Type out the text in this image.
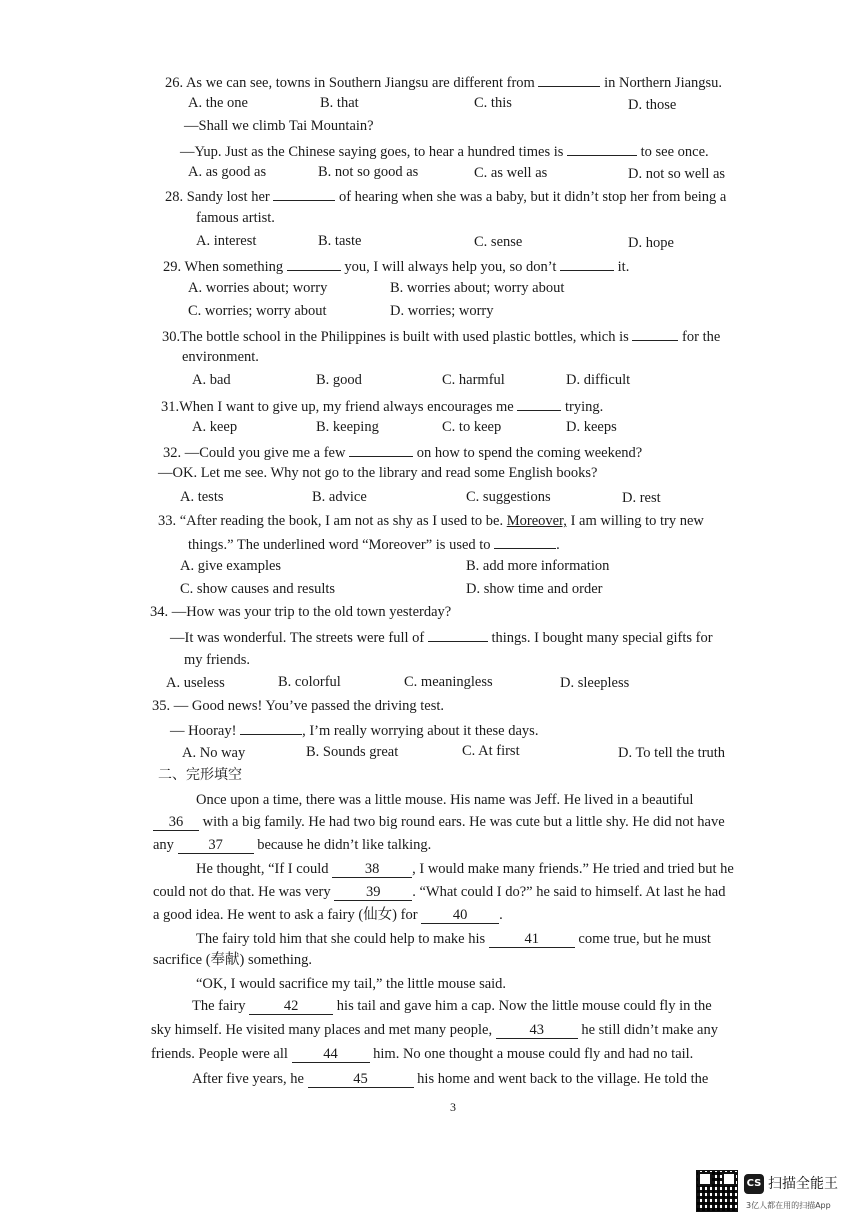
26. As we can see, towns in Southern Jiangsu are different from	in Northern Jiangsu.
A. the one	B. that	C. this	D. those
—Shall we climb Tai Mountain?
—Yup. Just as the Chinese saying goes, to hear a hundred times is	to see once.
A. as good as	B. not so good as	C. as well as	D. not so well as
28. Sandy lost her	of hearing when she was a baby, but it didn’t stop her from being a
famous artist.
A. interest	B. taste	C. sense	D. hope
29. When something	you, I will always help you, so don’t	it.
A. worries about; worry	B. worries about; worry about
C. worries; worry about	D. worries; worry
30.The bottle school in the Philippines is built with used plastic bottles, which is	for the
environment.
A. bad	B. good	C. harmful	D. difficult
31.When I want to give up, my friend always encourages me	trying.
A. keep	B. keeping	C. to keep	D. keeps
32. —Could you give me a few	on how to spend the coming weekend?
—OK. Let me see. Why not go to the library and read some English books?
A. tests	B. advice	C. suggestions	D. rest
33. “After reading the book, I am not as shy as I used to be. Moreover, I am willing to try new
things.” The underlined word “Moreover” is used to	.
A. give examples	B. add more information
C. show causes and results	D. show time and order
34. —How was your trip to the old town yesterday?
—It was wonderful. The streets were full of	things. I bought many special gifts for
my friends.
A. useless	B. colorful	C. meaningless	D. sleepless
35. — Good news! You’ve passed the driving test.
— Hooray!	, I’m really worrying about it these days.
A. No way	B. Sounds great	C. At first	D. To tell the truth
二、完形填空
Once upon a time, there was a little mouse. His name was Jeff. He lived in a beautiful
36 with a big family. He had two big round ears. He was cute but a little shy. He did not have
any 37 because he didn’t like talking.
He thought, “If I could	38 , I would make many friends.” He tried and tried but he
could not do that. He was very 39 . “What could I do?” he said to himself. At last he had
a good idea. He went to ask a fairy (仙女) for 40 .
The fairy told him that she could help to make his	41	come true, but he must
sacrifice (奉献) something.
“OK, I would sacrifice my tail,” the little mouse said.
The fairy	42	his tail and gave him a cap. Now the little mouse could fly in the
sky himself. He visited many places and met many people,	43	he still didn’t make any
friends. People were all 44 him. No one thought a mouse could fly and had no tail.
After five years, he	45	his home and went back to the village. He told the
3
CS 扫描全能王
3亿人都在用的扫描App
